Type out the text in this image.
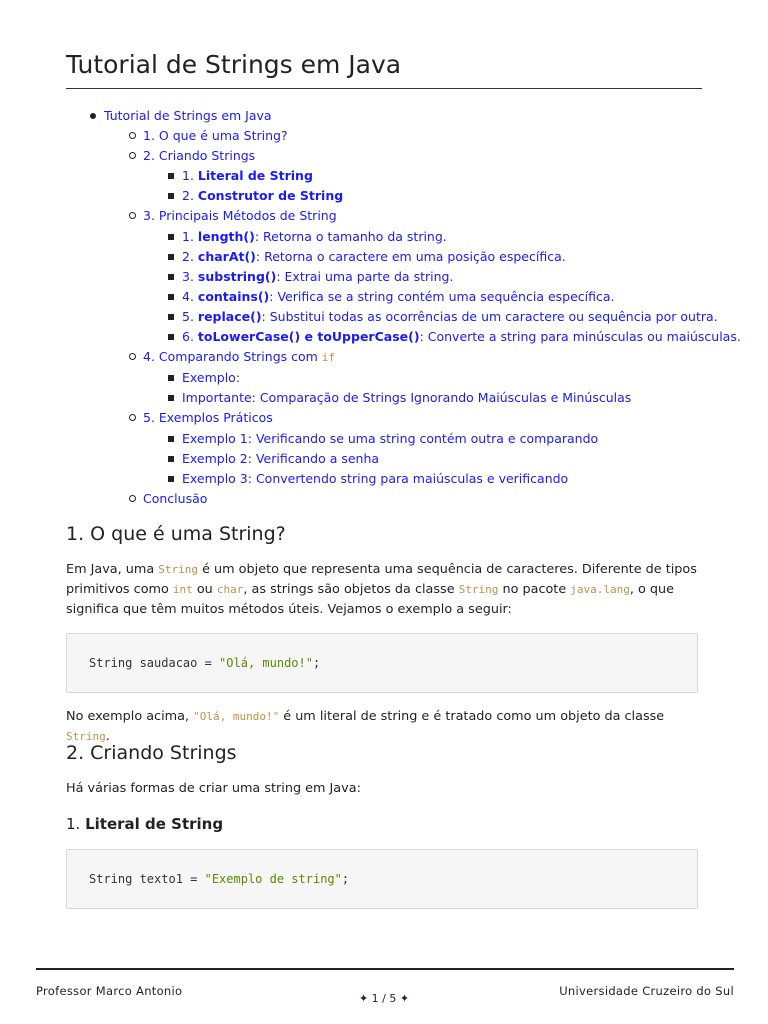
Tutorial de Strings em Java
Tutorial de Strings em Java
1. O que é uma String?
2. Criando Strings
1. Literal de String
2. Construtor de String
3. Principais Métodos de String
1. length(): Retorna o tamanho da string.
2. charAt(): Retorna o caractere em uma posição específica.
3. substring(): Extrai uma parte da string.
4. contains(): Verifica se a string contém uma sequência específica.
5. replace(): Substitui todas as ocorrências de um caractere ou sequência por outra.
6. toLowerCase() e toUpperCase(): Converte a string para minúsculas ou maiúsculas.
4. Comparando Strings com if
Exemplo:
Importante: Comparação de Strings Ignorando Maiúsculas e Minúsculas
5. Exemplos Práticos
Exemplo 1: Verificando se uma string contém outra e comparando
Exemplo 2: Verificando a senha
Exemplo 3: Convertendo string para maiúsculas e verificando
Conclusão
1. O que é uma String?

Em Java, uma String é um objeto que representa uma sequência de caracteres. Diferente de tipos primitivos como int ou char, as strings são objetos da classe String no pacote java.lang, o que significa que têm muitos métodos úteis. Vejamos o exemplo a seguir:

String saudacao = "Olá, mundo!";

No exemplo acima, "Olá, mundo!" é um literal de string e é tratado como um objeto da classe String.

2. Criando Strings

Há várias formas de criar uma string em Java:

1. Literal de String
String texto1 = "Exemplo de string";
Professor Marco Antonio	Universidade Cruzeiro do Sul
✦ 1 / 5 ✦
